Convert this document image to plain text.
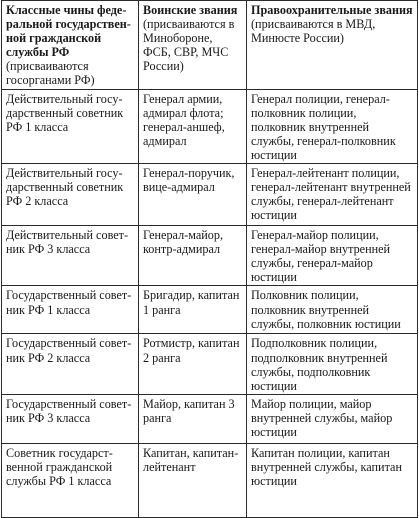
Классные чины федеральной государственной гражданской службы РФ (присваиваются госорганами РФ)	Воинские звания (присваиваются в Минобороне, ФСБ, СВР, МЧС России)	Правоохранительные звания (присваиваются в МВД, Минюсте России)
Действительный государственный советник РФ 1 класса	Генерал армии, адмирал флота; генерал-аншеф, адмирал	Генерал полиции, генерал-полковник полиции, полковник внутренней службы, генерал-полковник юстиции
Действительный государственный советник РФ 2 класса	Генерал-поручик, вице-адмирал	Генерал-лейтенант полиции, генерал-лейтенант внутренней службы, генерал-лейтенант юстиции
Действительный советник РФ 3 класса	Генерал-майор, контр-адмирал	Генерал-майор полиции, генерал-майор внутренней службы, генерал-майор юстиции
Государственный советник РФ 1 класса	Бригадир, капитан 1 ранга	Полковник полиции, полковник внутренней службы, полковник юстиции
Государственный советник РФ 2 класса	Ротмистр, капитан 2 ранга	Подполковник полиции, подполковник внутренней службы, подполковник юстиции
Государственный советник РФ 3 класса	Майор, капитан 3 ранга	Майор полиции, майор внутренней службы, майор юстиции
Советник государственной гражданской службы РФ 1 класса	Капитан, капитан-лейтенант	Капитан полиции, капитан внутренней службы, капитан юстиции
